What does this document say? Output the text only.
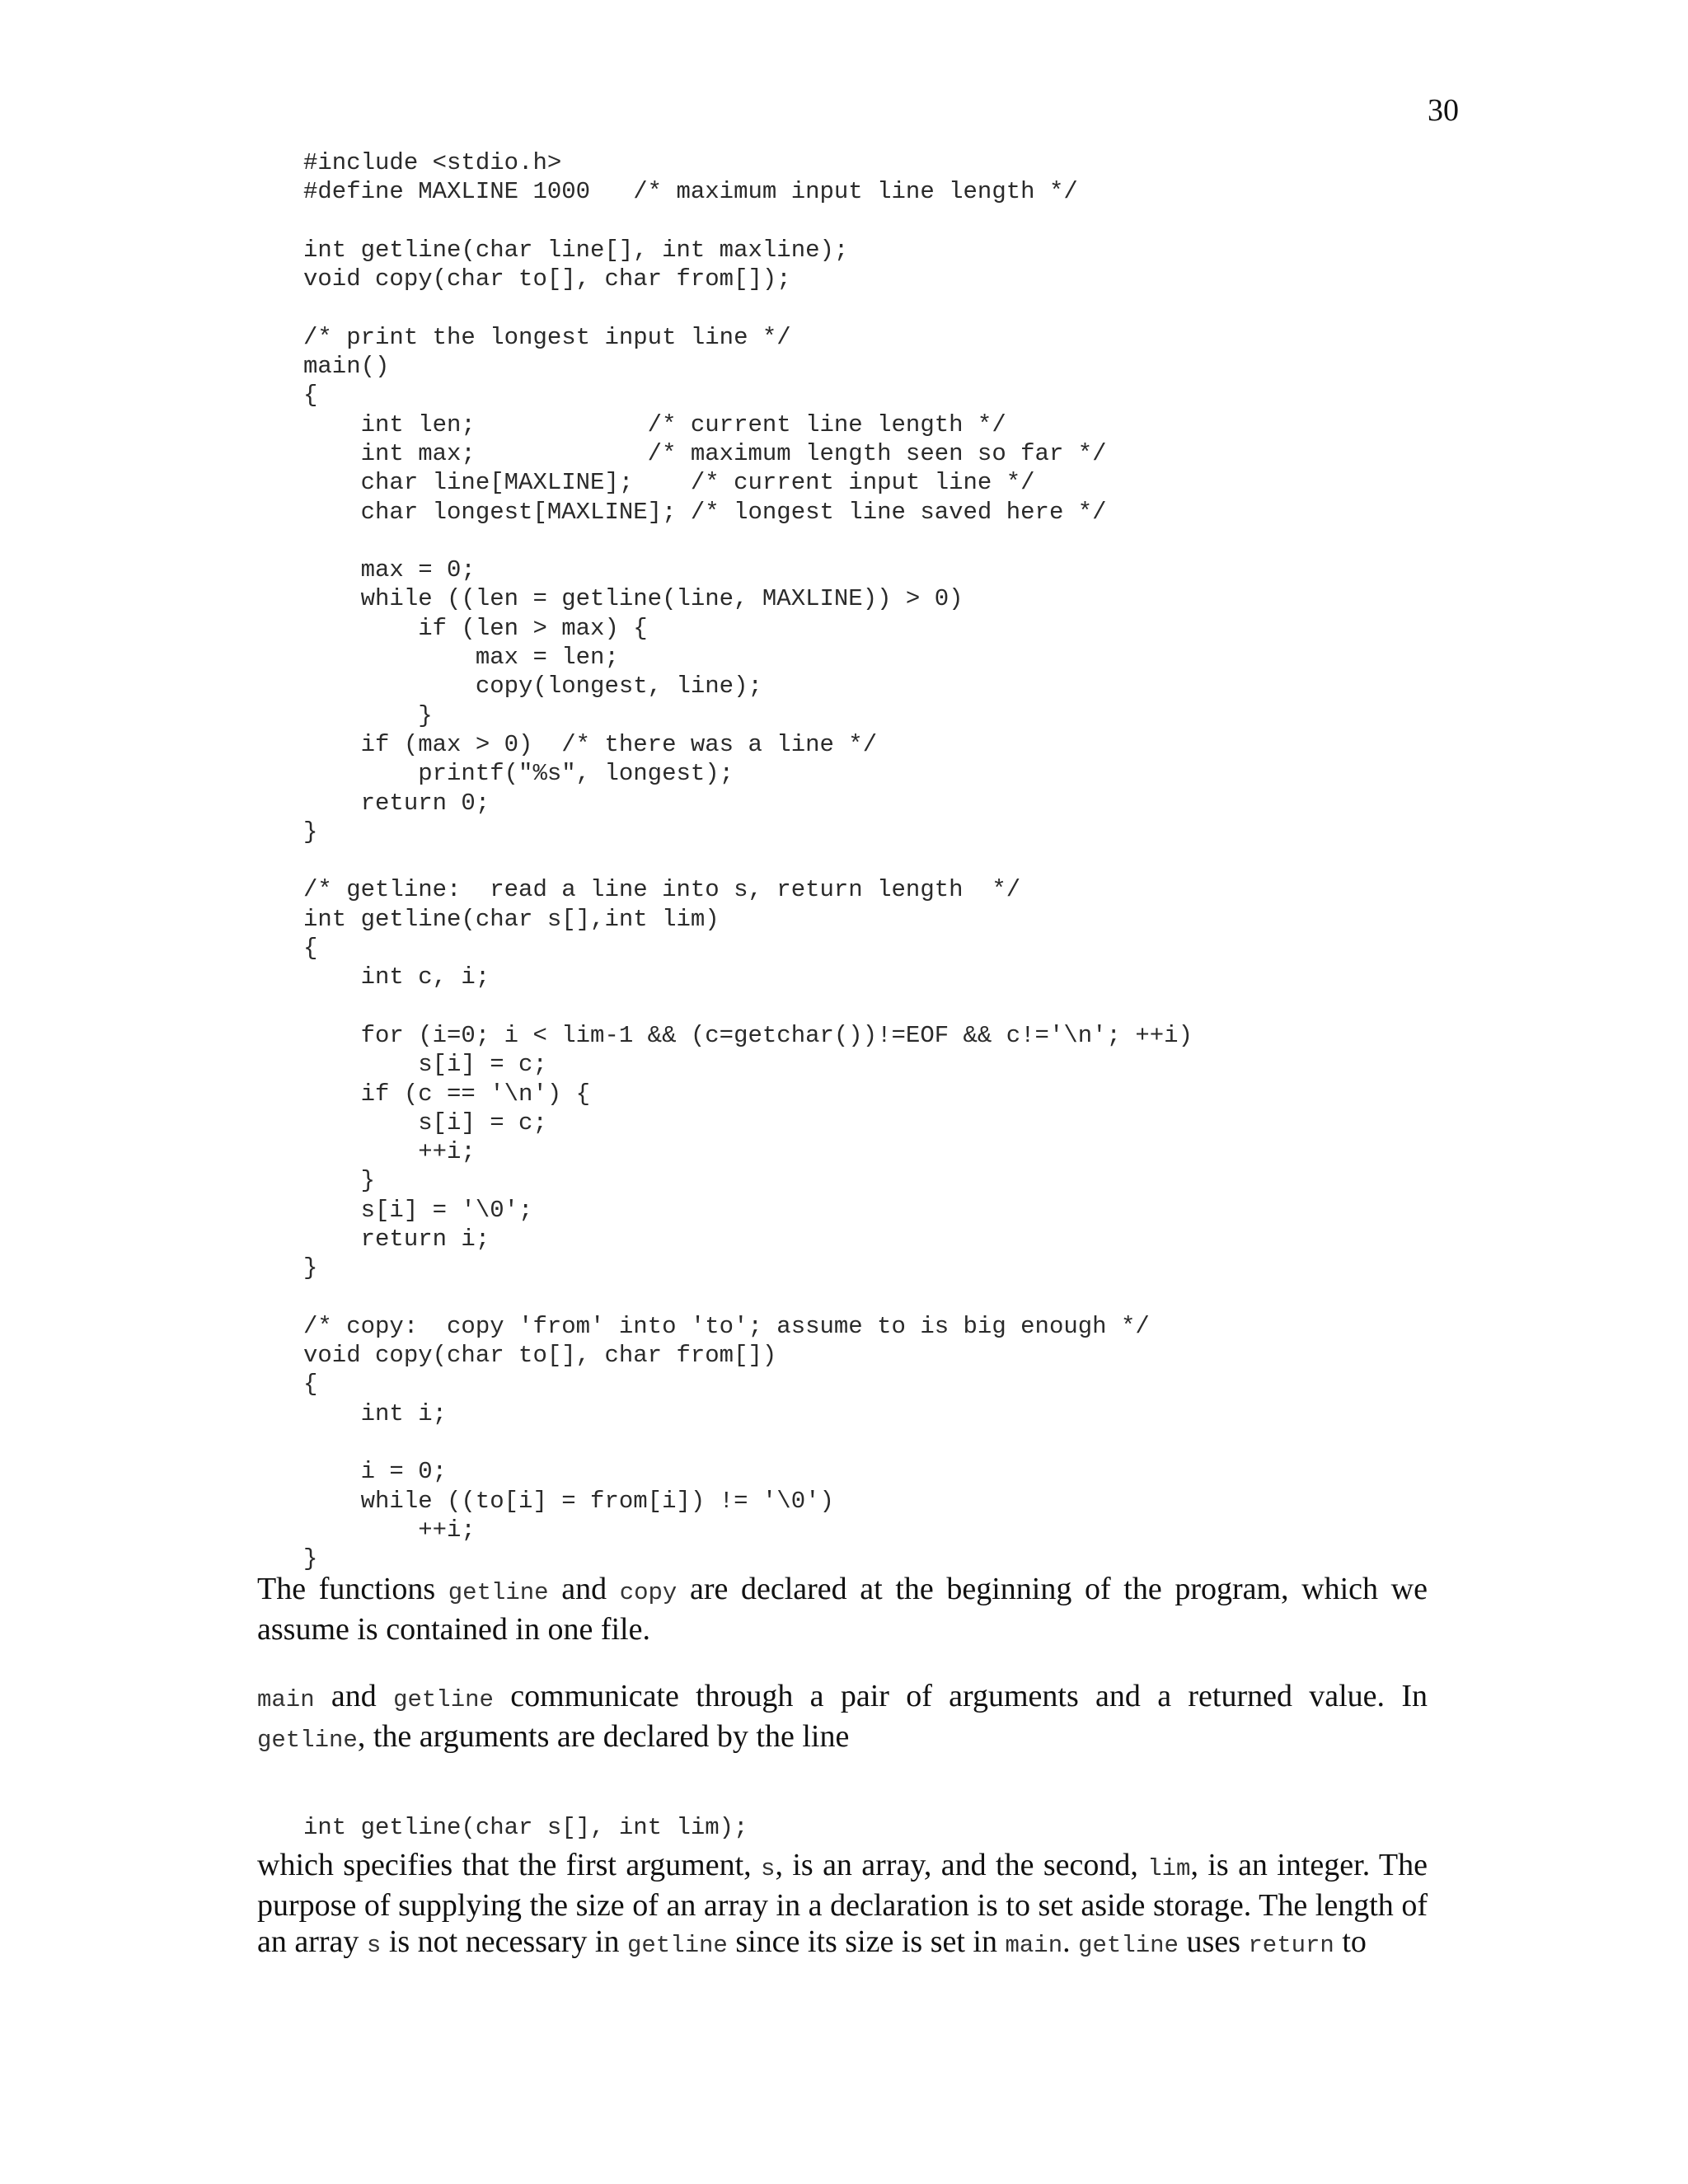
30
#include <stdio.h>
#define MAXLINE 1000   /* maximum input line length */

int getline(char line[], int maxline);
void copy(char to[], char from[]);

/* print the longest input line */
main()
{
int len;            /* current line length */
int max;            /* maximum length seen so far */
char line[MAXLINE];    /* current input line */
char longest[MAXLINE]; /* longest line saved here */

max = 0;
while ((len = getline(line, MAXLINE)) > 0)
if (len > max) {
max = len;
copy(longest, line);
}
if (max > 0)  /* there was a line */
printf("%s", longest);
return 0;
}

/* getline:  read a line into s, return length  */
int getline(char s[],int lim)
{
int c, i;

for (i=0; i < lim-1 && (c=getchar())!=EOF && c!='\n'; ++i)
s[i] = c;
if (c == '\n') {
s[i] = c;
++i;
}
s[i] = '\0';
return i;
}

/* copy:  copy 'from' into 'to'; assume to is big enough */
void copy(char to[], char from[])
{
int i;

i = 0;
while ((to[i] = from[i]) != '\0')
++i;
}

The functions getline and copy are declared at the beginning of the program, which we assume is contained in one file.

main and getline communicate through a pair of arguments and a returned value. In getline, the arguments are declared by the line

int getline(char s[], int lim);

which specifies that the first argument, s, is an array, and the second, lim, is an integer. The purpose of supplying the size of an array in a declaration is to set aside storage. The length of an array s is not necessary in getline since its size is set in main. getline uses return to
